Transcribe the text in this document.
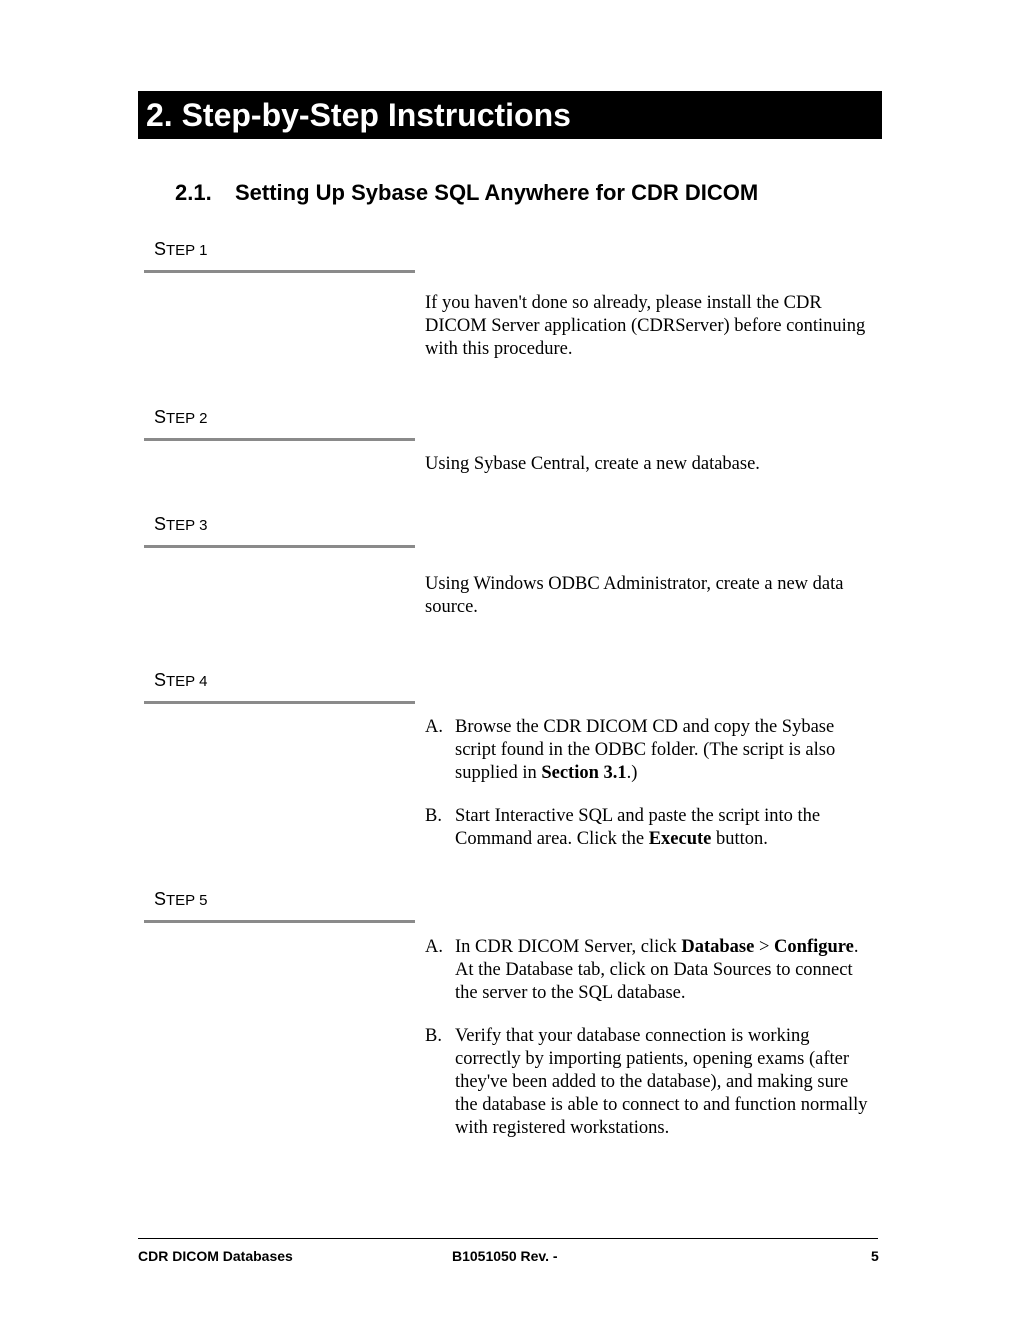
2. Step-by-Step Instructions
2.1. Setting Up Sybase SQL Anywhere for CDR DICOM
STEP 1
If you haven't done so already, please install the CDR DICOM Server application (CDRServer) before continuing with this procedure.
STEP 2
Using Sybase Central, create a new database.
STEP 3
Using Windows ODBC Administrator, create a new data source.
STEP 4
A. Browse the CDR DICOM CD and copy the Sybase script found in the ODBC folder. (The script is also supplied in Section 3.1.)
B. Start Interactive SQL and paste the script into the Command area. Click the Execute button.
STEP 5
A. In CDR DICOM Server, click Database > Configure. At the Database tab, click on Data Sources to connect the server to the SQL database.
B. Verify that your database connection is working correctly by importing patients, opening exams (after they've been added to the database), and making sure the database is able to connect to and function normally with registered workstations.
CDR DICOM Databases	B1051050 Rev. -	5
